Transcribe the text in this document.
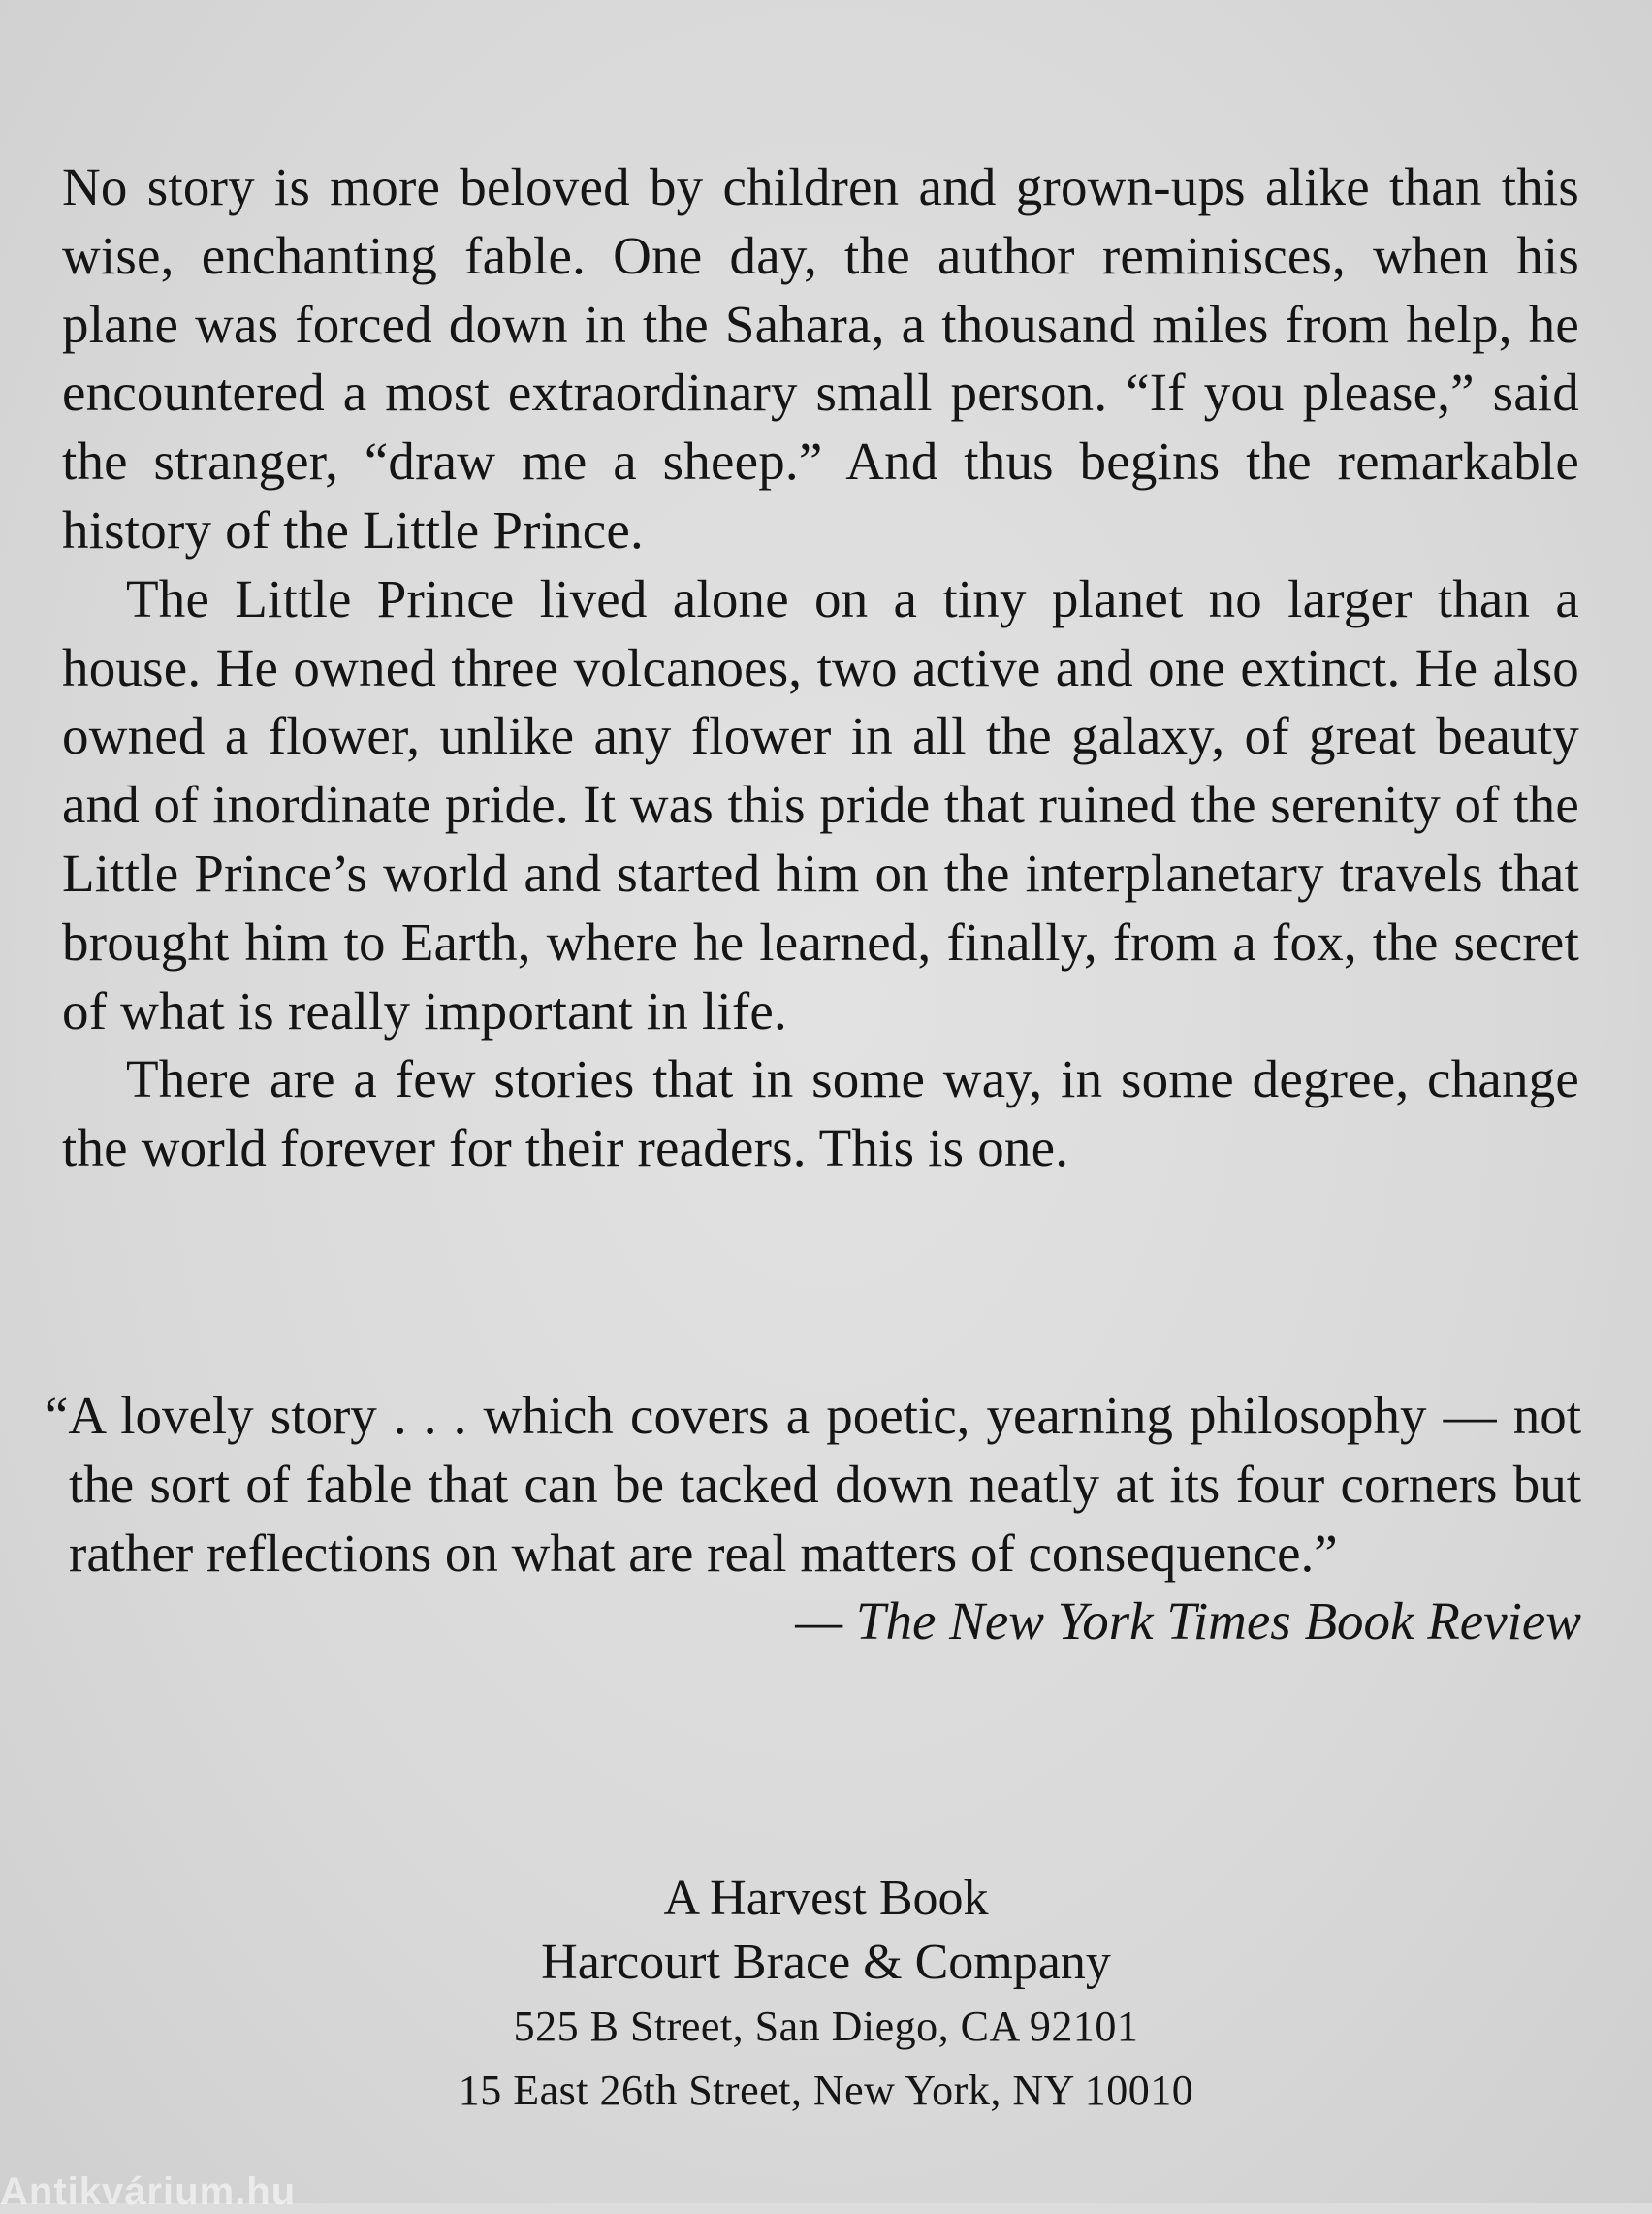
No story is more beloved by children and grown-ups alike than this wise, enchanting fable. One day, the author reminisces, when his plane was forced down in the Sahara, a thousand miles from help, he encountered a most extraordinary small person. “If you please,” said the stranger, “draw me a sheep.” And thus begins the remarkable history of the Little Prince.

The Little Prince lived alone on a tiny planet no larger than a house. He owned three volcanoes, two active and one extinct. He also owned a flower, unlike any flower in all the galaxy, of great beauty and of inordinate pride. It was this pride that ruined the serenity of the Little Prince’s world and started him on the interplanetary travels that brought him to Earth, where he learned, finally, from a fox, the secret of what is really important in life.

There are a few stories that in some way, in some degree, change the world forever for their readers. This is one.

“A lovely story . . . which covers a poetic, yearning philosophy — not the sort of fable that can be tacked down neatly at its four corners but rather reflections on what are real matters of consequence.”
— The New York Times Book Review
A Harvest Book
Harcourt Brace & Company
525 B Street, San Diego, CA 92101
15 East 26th Street, New York, NY 10010
Antikvárium.hu
